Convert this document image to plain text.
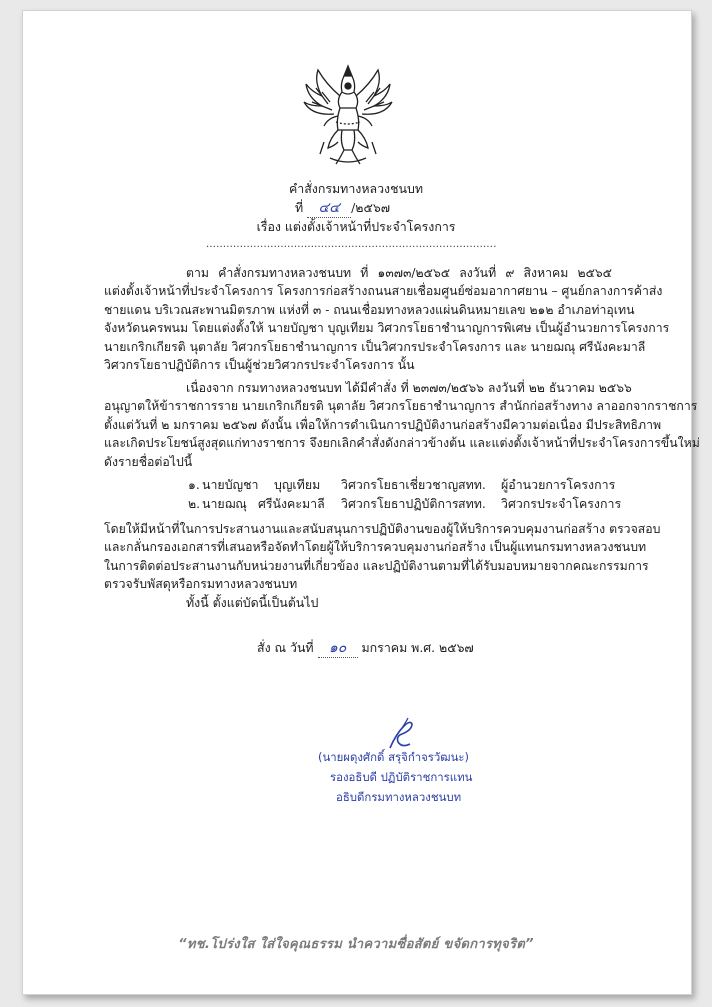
คำสั่งกรมทางหลวงชนบท
ที่ ๔๔ /๒๕๖๗
เรื่อง แต่งตั้งเจ้าหน้าที่ประจำโครงการ
......................................................................................
ตาม คำสั่งกรมทางหลวงชนบท ที่ ๑๓๗๓/๒๕๖๕ ลงวันที่ ๙ สิงหาคม ๒๕๖๕
แต่งตั้งเจ้าหน้าที่ประจำโครงการ โครงการก่อสร้างถนนสายเชื่อมศูนย์ซ่อมอากาศยาน – ศูนย์กลางการค้าส่ง
ชายแดน บริเวณสะพานมิตรภาพ แห่งที่ ๓ - ถนนเชื่อมทางหลวงแผ่นดินหมายเลข ๒๑๒ อำเภอท่าอุเทน
จังหวัดนครพนม โดยแต่งตั้งให้ นายบัญชา บุญเทียม วิศวกรโยธาชำนาญการพิเศษ เป็นผู้อำนวยการโครงการ
นายเกริกเกียรติ นุตาลัย วิศวกรโยธาชำนาญการ เป็นวิศวกรประจำโครงการ และ นายฌณุ ศรีนังคะมาลี
วิศวกรโยธาปฏิบัติการ เป็นผู้ช่วยวิศวกรประจำโครงการ นั้น
เนื่องจาก กรมทางหลวงชนบท ได้มีคำสั่ง ที่ ๒๓๗๓/๒๕๖๖ ลงวันที่ ๒๒ ธันวาคม ๒๕๖๖
อนุญาตให้ข้าราชการราย นายเกริกเกียรติ นุตาลัย วิศวกรโยธาชำนาญการ สำนักก่อสร้างทาง ลาออกจากราชการ
ตั้งแต่วันที่ ๒ มกราคม ๒๕๖๗ ดังนั้น เพื่อให้การดำเนินการปฏิบัติงานก่อสร้างมีความต่อเนื่อง มีประสิทธิภาพ
และเกิดประโยชน์สูงสุดแก่ทางราชการ จึงยกเลิกคำสั่งดังกล่าวข้างต้น และแต่งตั้งเจ้าหน้าที่ประจำโครงการขึ้นใหม่
ดังรายชื่อต่อไปนี้
๑. นายบัญชา บุญเทียม วิศวกรโยธาเชี่ยวชาญ สทท. ผู้อำนวยการโครงการ
๒. นายฌณุ ศรีนังคะมาลี วิศวกรโยธาปฏิบัติการ สทท. วิศวกรประจำโครงการ
โดยให้มีหน้าที่ในการประสานงานและสนับสนุนการปฏิบัติงานของผู้ให้บริการควบคุมงานก่อสร้าง ตรวจสอบ
และกลั่นกรองเอกสารที่เสนอหรือจัดทำโดยผู้ให้บริการควบคุมงานก่อสร้าง เป็นผู้แทนกรมทางหลวงชนบท
ในการติดต่อประสานงานกับหน่วยงานที่เกี่ยวข้อง และปฏิบัติงานตามที่ได้รับมอบหมายจากคณะกรรมการ
ตรวจรับพัสดุหรือกรมทางหลวงชนบท
ทั้งนี้ ตั้งแต่บัดนี้เป็นต้นไป
สั่ง ณ วันที่ ๑๐ มกราคม พ.ศ. ๒๕๖๗
(นายผดุงศักดิ์ สรุจิกำจรวัฒนะ)
รองอธิบดี ปฏิบัติราชการแทน
อธิบดีกรมทางหลวงชนบท
“ทช.โปร่งใส ใส่ใจคุณธรรม นำความซื่อสัตย์ ขจัดการทุจริต”
